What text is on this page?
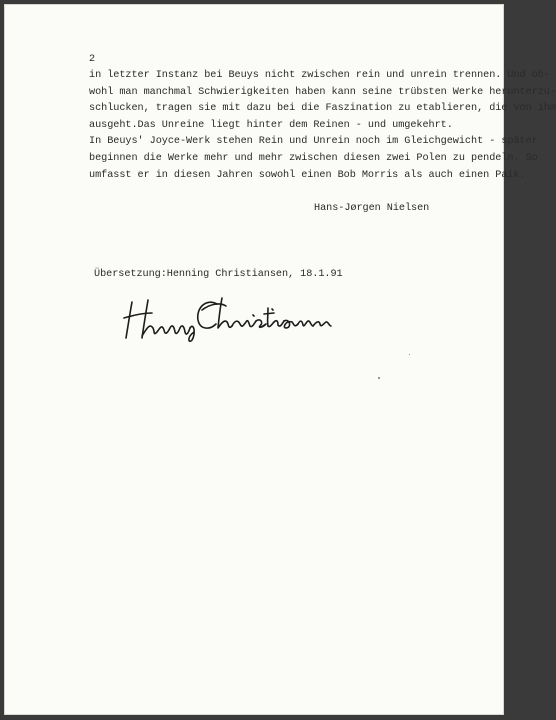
2
in letzter Instanz bei Beuys nicht zwischen rein und unrein trennen. Und ob-
wohl man manchmal Schwierigkeiten haben kann seine trübsten Werke herunterzu-
schlucken, tragen sie mit dazu bei die Faszination zu etablieren, die von ihm
ausgeht.Das Unreine liegt hinter dem Reinen - und umgekehrt.
In Beuys' Joyce-Werk stehen Rein und Unrein noch im Gleichgewicht - später
beginnen die Werke mehr und mehr zwischen diesen zwei Polen zu pendeln. So
umfasst er in diesen Jahren sowohl einen Bob Morris als auch einen Paik.
Hans-Jørgen Nielsen
Übersetzung:Henning Christiansen, 18.1.91
